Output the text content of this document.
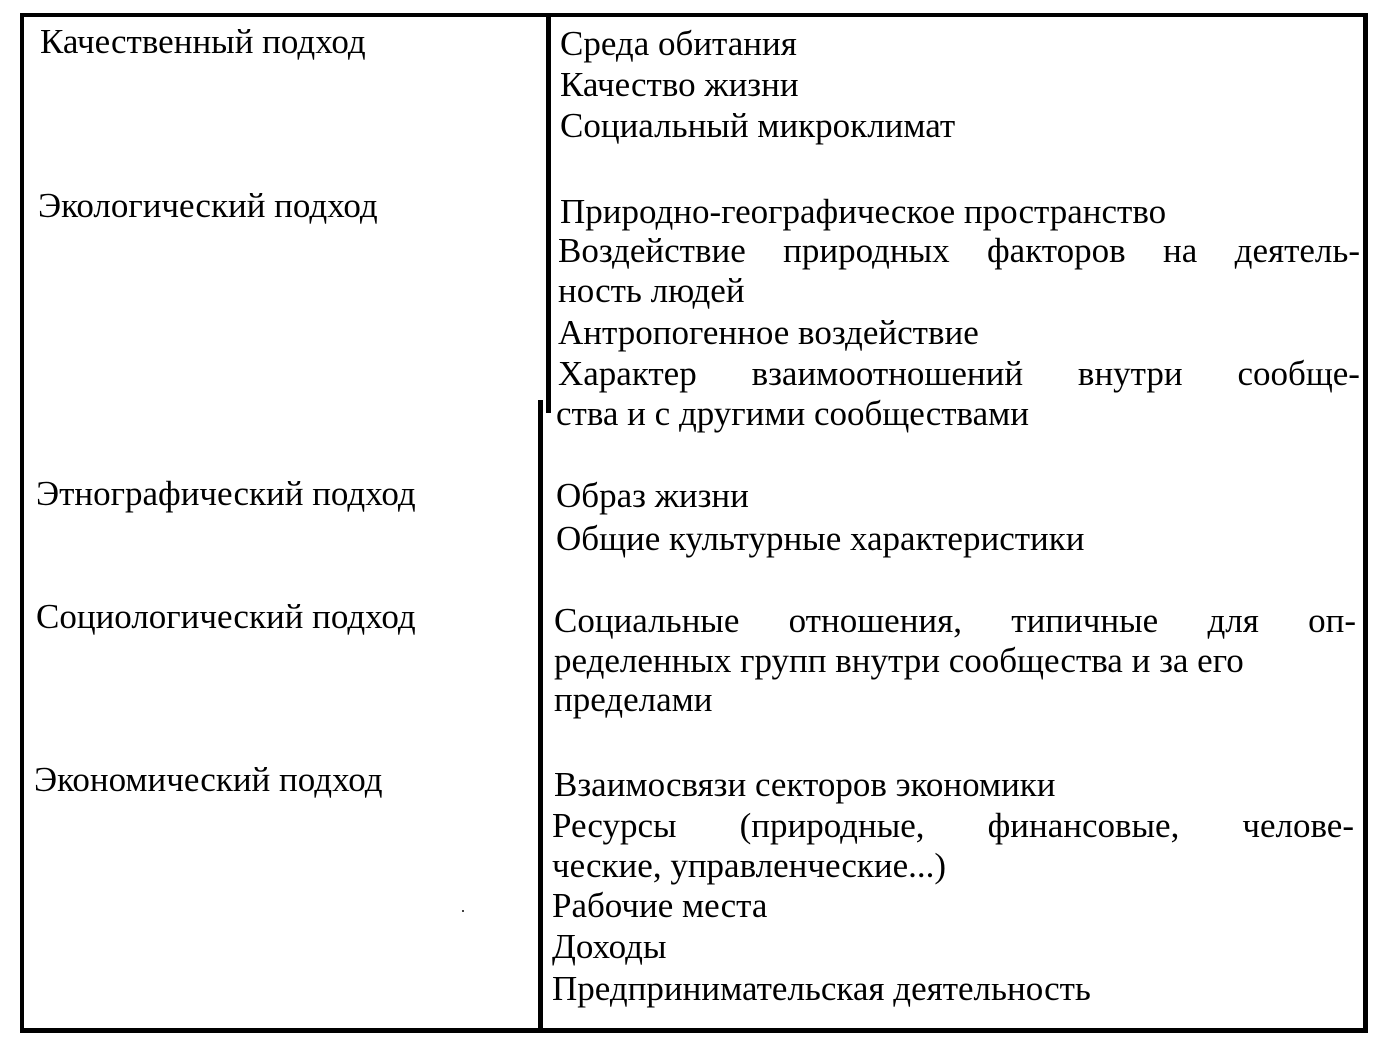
Качественный подход	Среда обитания
Качество жизни
Социальный микроклимат
Экологический подход	Природно-географическое пространство
Воздействие природных факторов на деятель-
ность людей
Антропогенное воздействие
Характер взаимоотношений внутри сообще-
ства и с другими сообществами
Этнографический подход	Образ жизни
Общие культурные характеристики
Социологический подход	Социальные отношения, типичные для оп-
ределенных групп внутри сообщества и за его
пределами
Экономический подход	Взаимосвязи секторов экономики
Ресурсы (природные, финансовые, челове-
ческие, управленческие...)
Рабочие места
Доходы
Предпринимательская деятельность
